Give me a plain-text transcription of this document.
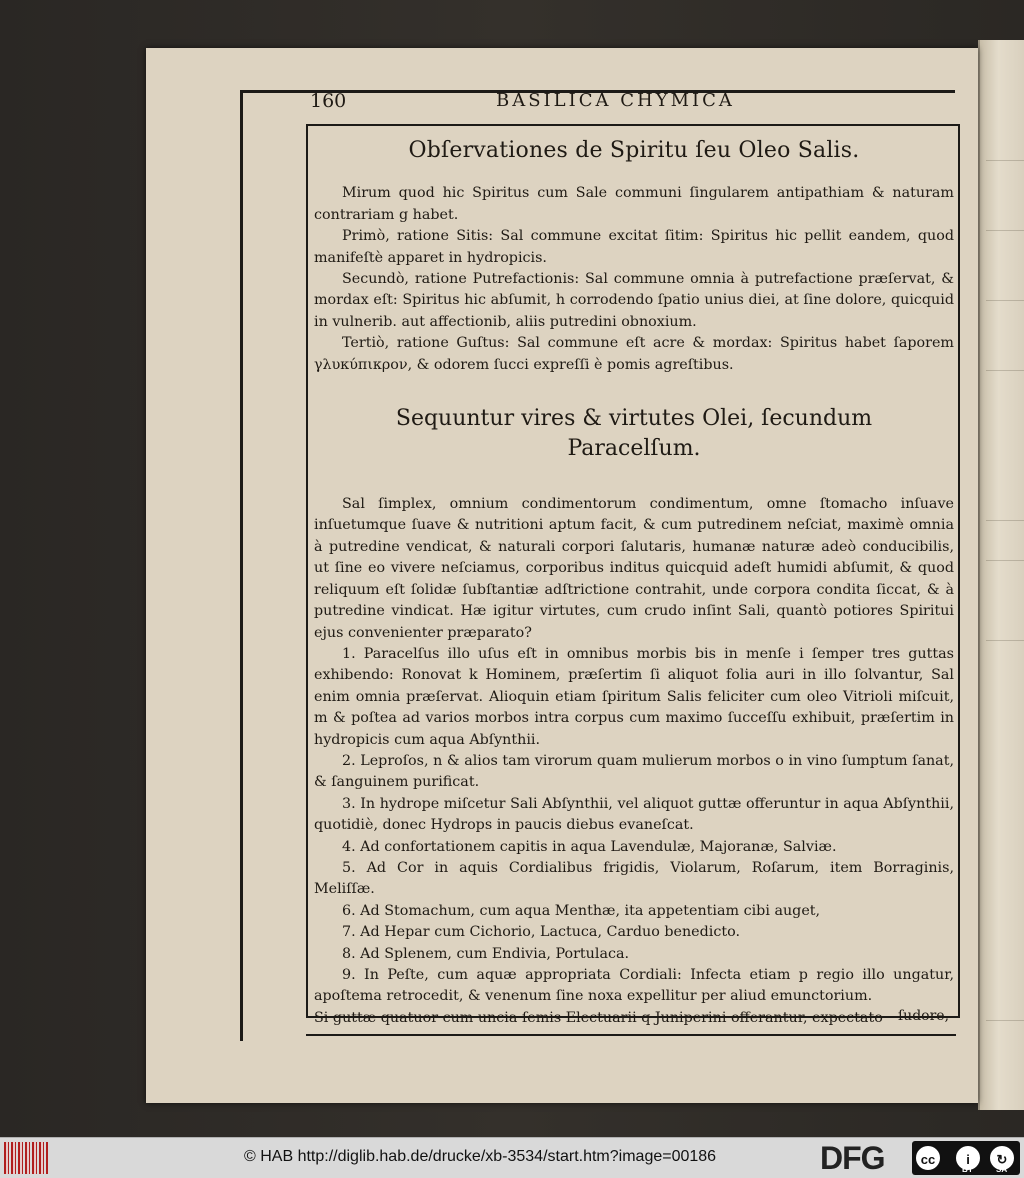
160	BASILICA CHYMICA
Obſervationes de Spiritu ſeu Oleo Salis.

Mirum quod hic Spiritus cum Sale communi ſingularem antipathiam & naturam contrariam g habet.

Primò, ratione Sitis: Sal commune excitat ſitim: Spiritus hic pellit eandem, quod manifeſtè apparet in hydropicis.

Secundò, ratione Putrefactionis: Sal commune omnia à putrefactione præſervat, & mordax eſt: Spiritus hic abſumit, h corrodendo ſpatio unius diei, at ſine dolore, quicquid in vulnerib. aut affectionib, aliis putredini obnoxium.

Tertiò, ratione Guſtus: Sal commune eſt acre & mordax: Spiritus habet ſaporem γλυκύπικρον, & odorem ſucci expreſſi è pomis agreſtibus.

Sequuntur vires & virtutes Olei, ſecundum
Paracelſum.

Sal ſimplex, omnium condimentorum condimentum, omne ſtomacho inſuave inſuetumque ſuave & nutritioni aptum facit, & cum putredinem neſciat, maximè omnia à putredine vendicat, & naturali corpori ſalutaris, humanæ naturæ adeò conducibilis, ut ſine eo vivere neſciamus, corporibus inditus quicquid adeſt humidi abſumit, & quod reliquum eſt ſolidæ ſubſtantiæ adſtrictione contrahit, unde corpora condita ſiccat, & à putredine vindicat. Hæ igitur virtutes, cum crudo inſint Sali, quantò potiores Spiritui ejus convenienter præparato?

1. Paracelſus illo uſus eſt in omnibus morbis bis in menſe i ſemper tres guttas exhibendo: Ronovat k Hominem, præſertim ſi aliquot folia auri in illo ſolvantur, Sal enim omnia præſervat. Alioquin etiam ſpiritum Salis feliciter cum oleo Vitrioli miſcuit, m & poſtea ad varios morbos intra corpus cum maximo ſucceſſu exhibuit, præſertim in hydropicis cum aqua Abſynthii.

2. Leproſos, n & alios tam virorum quam mulierum morbos o in vino ſumptum ſanat, & ſanguinem purificat.

3. In hydrope miſcetur Sali Abſynthii, vel aliquot guttæ offeruntur in aqua Abſynthii, quotidiè, donec Hydrops in paucis diebus evaneſcat.

4. Ad confortationem capitis in aqua Lavendulæ, Majoranæ, Salviæ.

5. Ad Cor in aquis Cordialibus frigidis, Violarum, Roſarum, item Borraginis, Meliſſæ.

6. Ad Stomachum, cum aqua Menthæ, ita appetentiam cibi auget,

7. Ad Hepar cum Cichorio, Lactuca, Carduo benedicto.

8. Ad Splenem, cum Endivia, Portulaca.

9. In Peſte, cum aquæ appropriata Cordiali: Infecta etiam p regio illo ungatur, apoſtema retrocedit, & venenum ſine noxa expellitur per aliud emunctorium.

Si guttæ quatuor cum uncia ſemis Electuarii q Juniperini offerantur, expectato	ſudore,
© HAB http://diglib.hab.de/drucke/xb-3534/start.htm?image=00186	DFG	cc	i	↻
BY	SA
